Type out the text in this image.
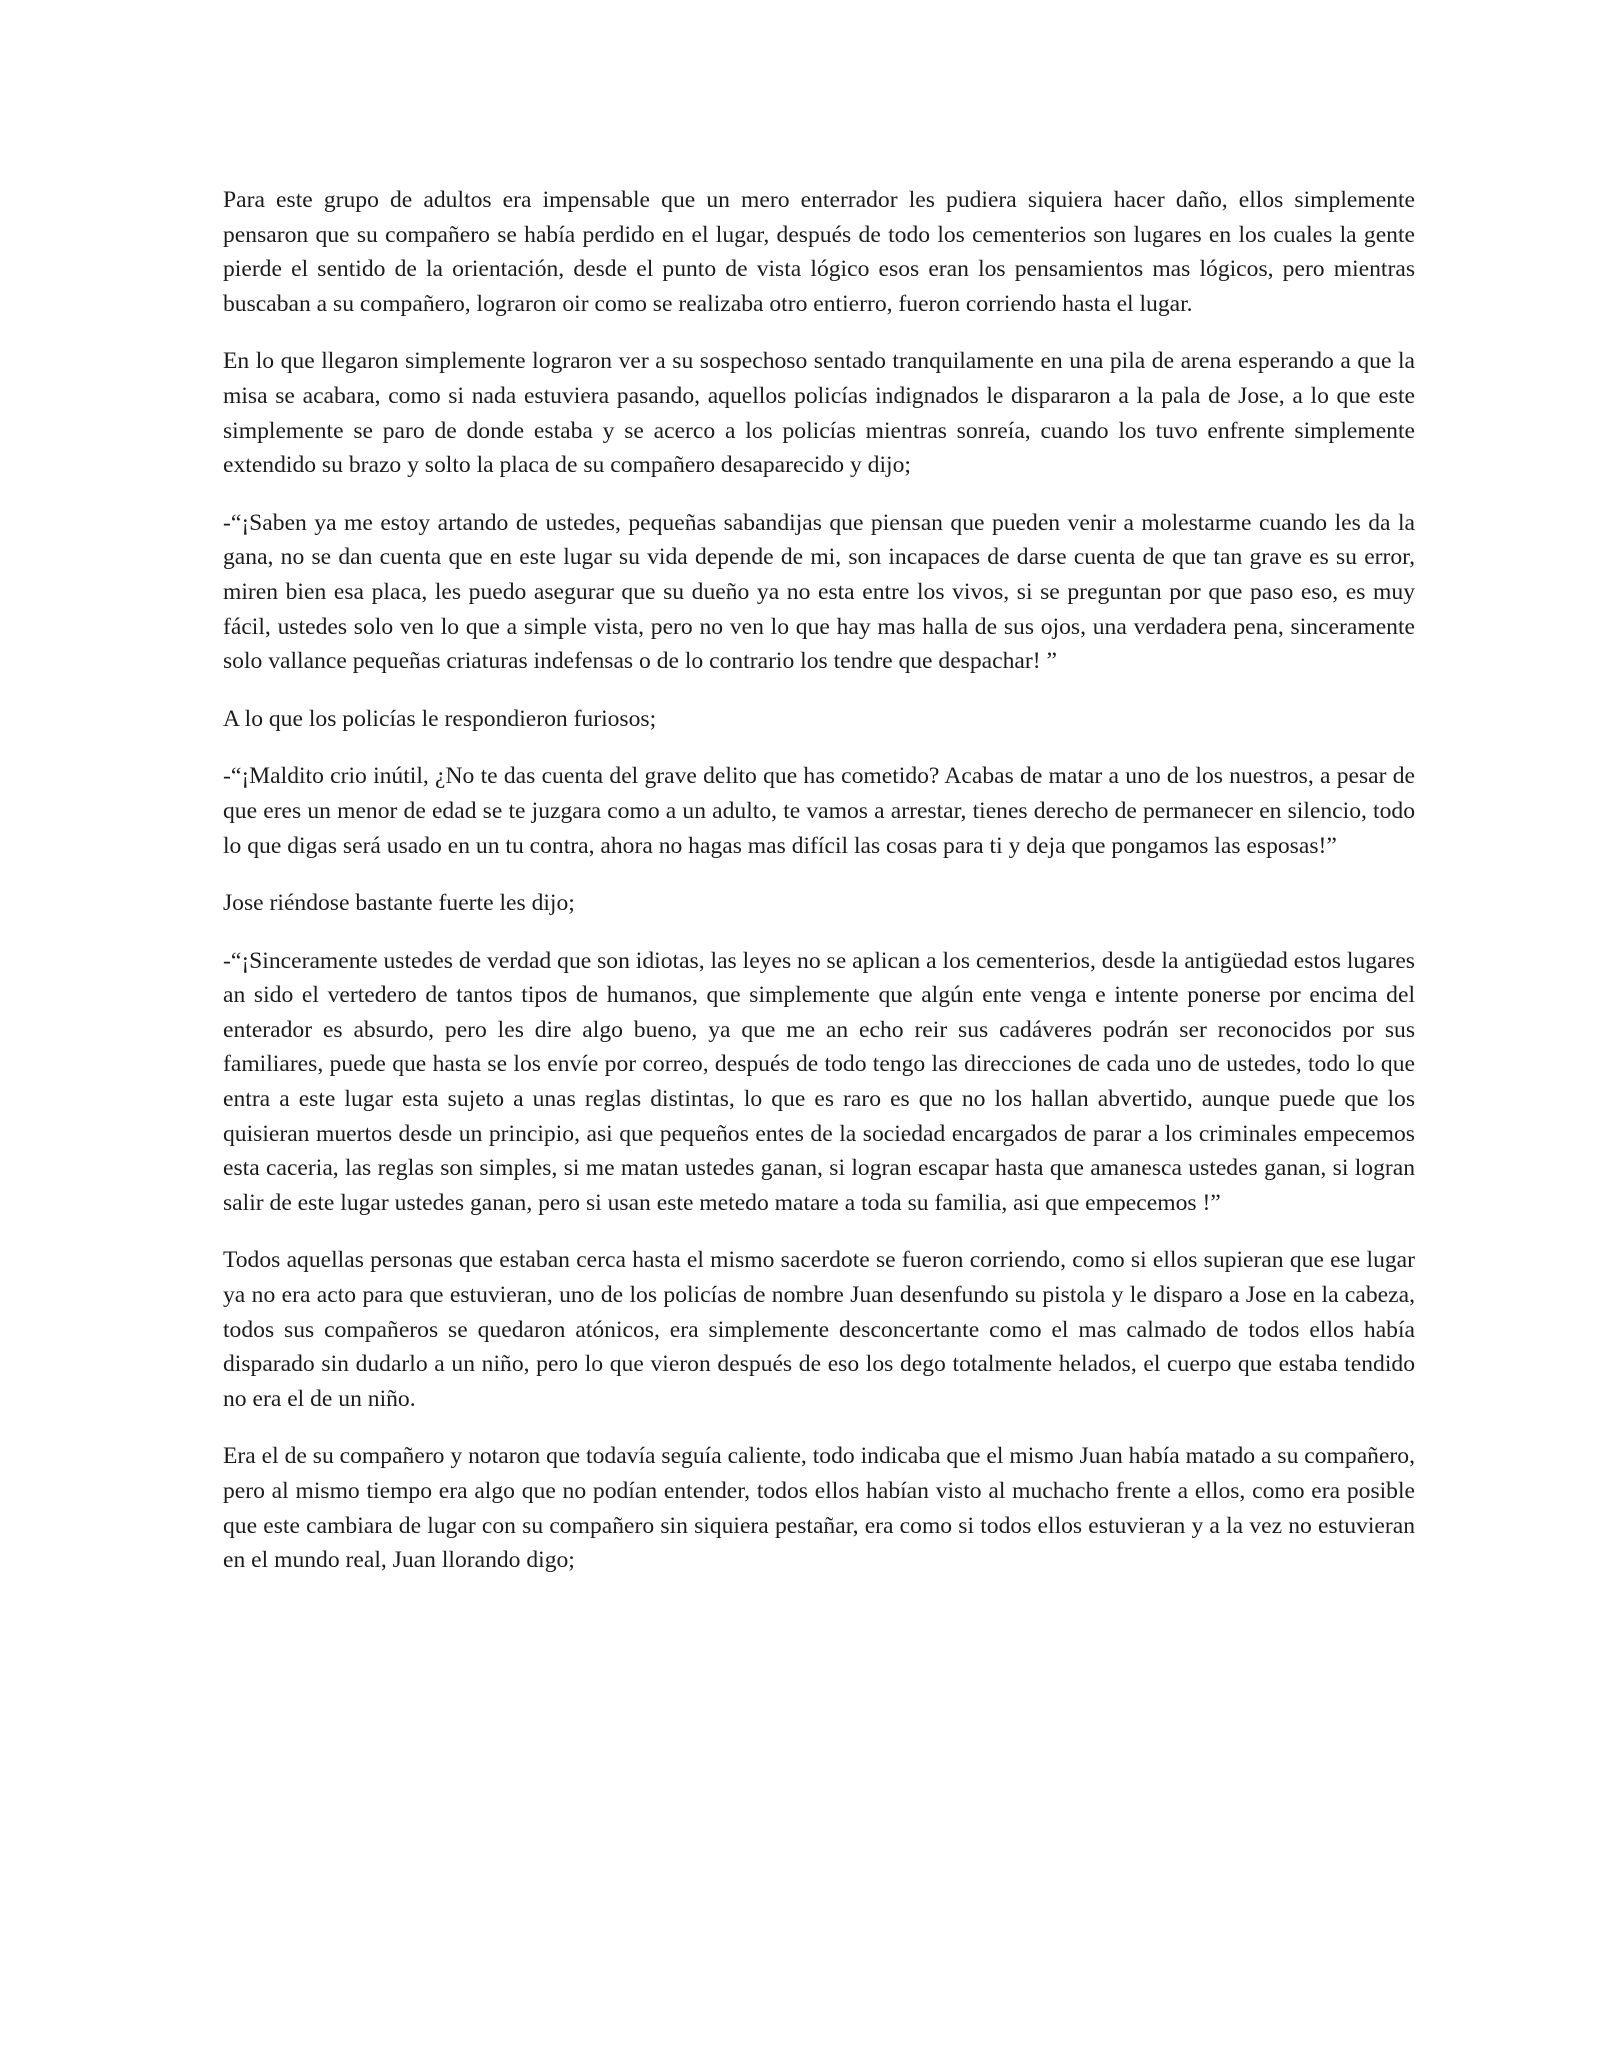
Para este grupo de adultos era impensable que un mero enterrador les pudiera siquiera hacer daño, ellos simplemente pensaron que su compañero se había perdido en el lugar, después de todo los cementerios son lugares en los cuales la gente pierde el sentido de la orientación, desde el punto de vista lógico esos eran los pensamientos mas lógicos, pero mientras buscaban a su compañero, lograron oir como se realizaba otro entierro, fueron corriendo hasta el lugar.

En lo que llegaron simplemente lograron ver a su sospechoso sentado tranquilamente en una pila de arena esperando a que la misa se acabara, como si nada estuviera pasando, aquellos policías indignados le dispararon a la pala de Jose, a lo que este simplemente se paro de donde estaba y se acerco a los policías mientras sonreía, cuando los tuvo enfrente simplemente extendido su brazo y solto la placa de su compañero desaparecido y dijo;

-“¡Saben ya me estoy artando de ustedes, pequeñas sabandijas que piensan que pueden venir a molestarme cuando les da la gana, no se dan cuenta que en este lugar su vida depende de mi, son incapaces de darse cuenta de que tan grave es su error, miren bien esa placa, les puedo asegurar que su dueño ya no esta entre los vivos, si se preguntan por que paso eso, es muy fácil, ustedes solo ven lo que a simple vista, pero no ven lo que hay mas halla de sus ojos, una verdadera pena, sinceramente solo vallance pequeñas criaturas indefensas o de lo contrario los tendre que despachar! ”

A lo que los policías le respondieron furiosos;

-“¡Maldito crio inútil, ¿No te das cuenta del grave delito que has cometido? Acabas de matar a uno de los nuestros, a pesar de que eres un menor de edad se te juzgara como a un adulto, te vamos a arrestar, tienes derecho de permanecer en silencio, todo lo que digas será usado en un tu contra, ahora no hagas mas difícil las cosas para ti y deja que pongamos las esposas!”

Jose riéndose bastante fuerte les dijo;

-“¡Sinceramente ustedes de verdad que son idiotas, las leyes no se aplican a los cementerios, desde la antigüedad estos lugares an sido el vertedero de tantos tipos de humanos, que simplemente que algún ente venga e intente ponerse por encima del enterador es absurdo, pero les dire algo bueno, ya que me an echo reir sus cadáveres podrán ser reconocidos por sus familiares, puede que hasta se los envíe por correo, después de todo tengo las direcciones de cada uno de ustedes, todo lo que entra a este lugar esta sujeto a unas reglas distintas, lo que es raro es que no los hallan abvertido, aunque puede que los quisieran muertos desde un principio, asi que pequeños entes de la sociedad encargados de parar a los criminales empecemos esta caceria, las reglas son simples, si me matan ustedes ganan, si logran escapar hasta que amanesca ustedes ganan, si logran salir de este lugar ustedes ganan, pero si usan este metedo matare a toda su familia, asi que empecemos !”

Todos aquellas personas que estaban cerca hasta el mismo sacerdote se fueron corriendo, como si ellos supieran que ese lugar ya no era acto para que estuvieran, uno de los policías de nombre Juan desenfundo su pistola y le disparo a Jose en la cabeza, todos sus compañeros se quedaron atónicos, era simplemente desconcertante como el mas calmado de todos ellos había disparado sin dudarlo a un niño, pero lo que vieron después de eso los dego totalmente helados, el cuerpo que estaba tendido no era el de un niño.

Era el de su compañero y notaron que todavía seguía caliente, todo indicaba que el mismo Juan había matado a su compañero, pero al mismo tiempo era algo que no podían entender, todos ellos habían visto al muchacho frente a ellos, como era posible que este cambiara de lugar con su compañero sin siquiera pestañar, era como si todos ellos estuvieran y a la vez no estuvieran en el mundo real, Juan llorando digo;
